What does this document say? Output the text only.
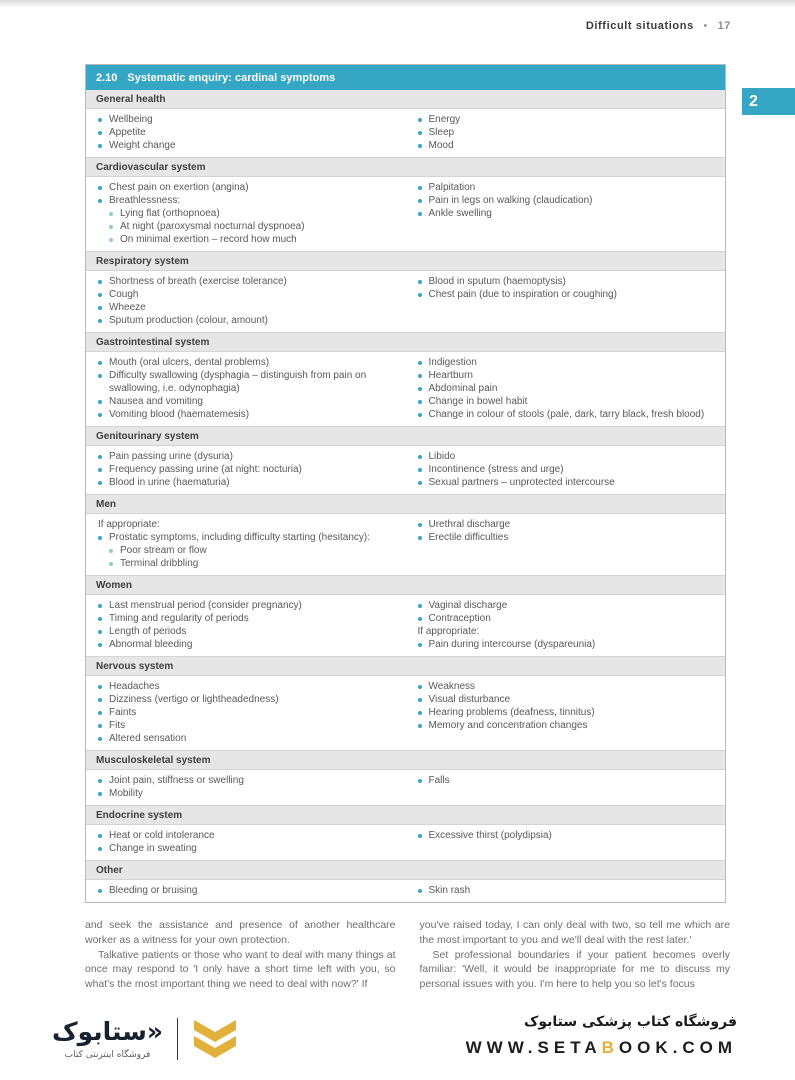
Difficult situations • 17
2
2.10 Systematic enquiry: cardinal symptoms
General health
Wellbeing
Appetite
Weight change
Energy
Sleep
Mood
Cardiovascular system
Chest pain on exertion (angina)
Breathlessness:
Lying flat (orthopnoea)
At night (paroxysmal nocturnal dyspnoea)
On minimal exertion – record how much
Palpitation
Pain in legs on walking (claudication)
Ankle swelling
Respiratory system
Shortness of breath (exercise tolerance)
Cough
Wheeze
Sputum production (colour, amount)
Blood in sputum (haemoptysis)
Chest pain (due to inspiration or coughing)
Gastrointestinal system
Mouth (oral ulcers, dental problems)
Difficulty swallowing (dysphagia – distinguish from pain on swallowing, i.e. odynophagia)
Nausea and vomiting
Vomiting blood (haematemesis)
Indigestion
Heartburn
Abdominal pain
Change in bowel habit
Change in colour of stools (pale, dark, tarry black, fresh blood)
Genitourinary system
Pain passing urine (dysuria)
Frequency passing urine (at night: nocturia)
Blood in urine (haematuria)
Libido
Incontinence (stress and urge)
Sexual partners – unprotected intercourse
Men
If appropriate:
Prostatic symptoms, including difficulty starting (hesitancy):
Poor stream or flow
Terminal dribbling
Urethral discharge
Erectile difficulties
Women
Last menstrual period (consider pregnancy)
Timing and regularity of periods
Length of periods
Abnormal bleeding
Vaginal discharge
Contraception
If appropriate:
Pain during intercourse (dyspareunia)
Nervous system
Headaches
Dizziness (vertigo or lightheadedness)
Faints
Fits
Altered sensation
Weakness
Visual disturbance
Hearing problems (deafness, tinnitus)
Memory and concentration changes
Musculoskeletal system
Joint pain, stiffness or swelling
Mobility
Falls
Endocrine system
Heat or cold intolerance
Change in sweating
Excessive thirst (polydipsia)
Other
Bleeding or bruising	Skin rash

and seek the assistance and presence of another healthcare worker as a witness for your own protection.

Talkative patients or those who want to deal with many things at once may respond to 'I only have a short time left with you, so what's the most important thing we need to deal with now?' If

you've raised today, I can only deal with two, so tell me which are the most important to you and we'll deal with the rest later.'

Set professional boundaries if your patient becomes overly familiar: 'Well, it would be inappropriate for me to discuss my personal issues with you. I'm here to help you so let's focus

«ستابوک
فروشگاه اینترنتی کتاب
فروشگاه کتاب پزشکی ستابوک
WWW.SETABOOK.COM
